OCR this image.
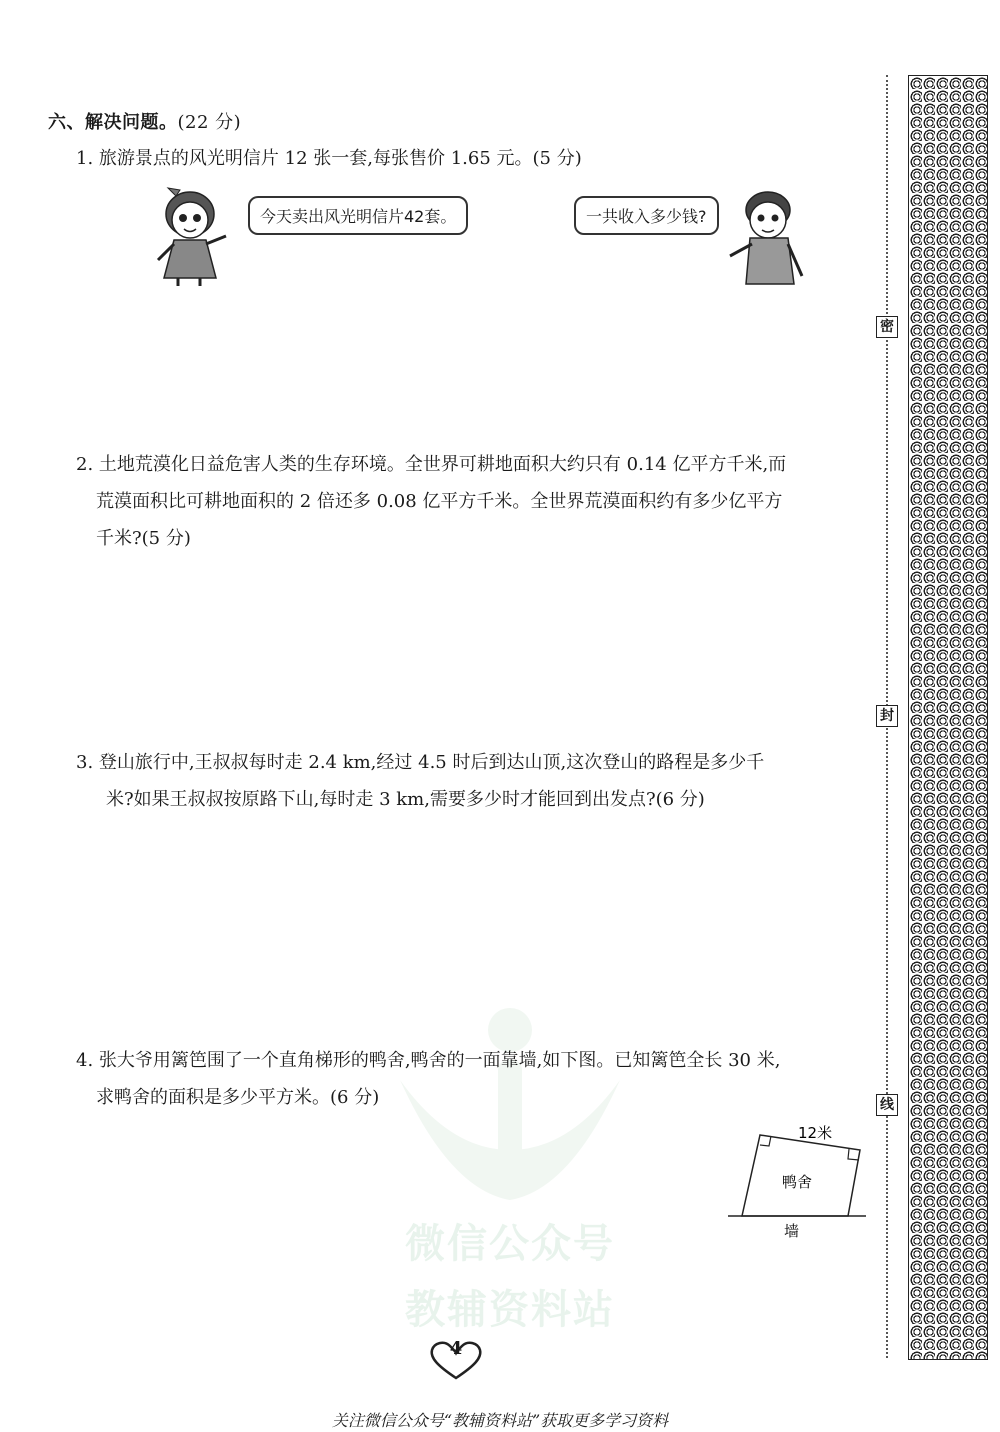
六、解决问题。(22 分)
1. 旅游景点的风光明信片 12 张一套,每张售价 1.65 元。(5 分)
今天卖出风光明信片42套。	一共收入多少钱?
2. 土地荒漠化日益危害人类的生存环境。全世界可耕地面积大约只有 0.14 亿平方千米,而
荒漠面积比可耕地面积的 2 倍还多 0.08 亿平方千米。全世界荒漠面积约有多少亿平方
千米?(5 分)
3. 登山旅行中,王叔叔每时走 2.4 km,经过 4.5 时后到达山顶,这次登山的路程是多少千
米?如果王叔叔按原路下山,每时走 3 km,需要多少时才能回到出发点?(6 分)
微信公众号
教辅资料站
4. 张大爷用篱笆围了一个直角梯形的鸭舍,鸭舍的一面靠墙,如下图。已知篱笆全长 30 米,
求鸭舍的面积是多少平方米。(6 分)
12米
鸭舍
墙
密
封
线
4
关注微信公众号“教辅资料站”获取更多学习资料
